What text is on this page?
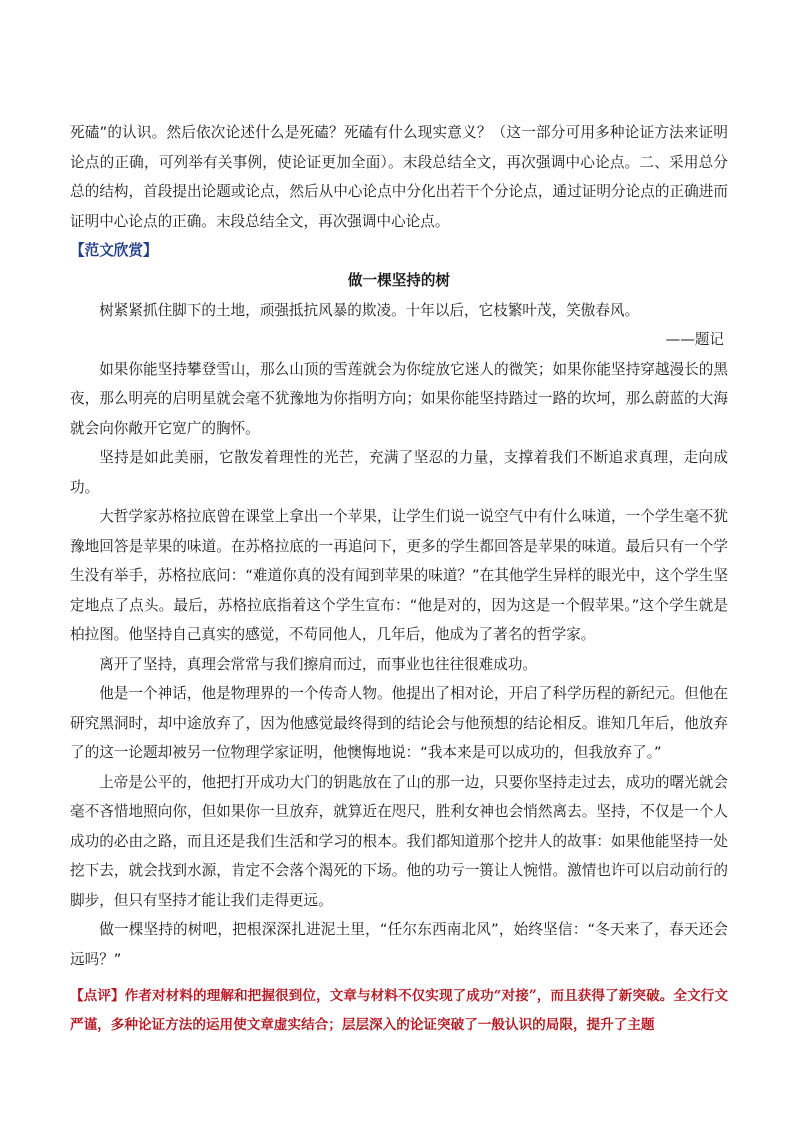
死磕”的认识。然后依次论述什么是死磕？死磕有什么现实意义？（这一部分可用多种论证方法来证明论点的正确，可列举有关事例，使论证更加全面）。末段总结全文，再次强调中心论点。二、采用总分总的结构，首段提出论题或论点，然后从中心论点中分化出若干个分论点，通过证明分论点的正确进而证明中心论点的正确。末段总结全文，再次强调中心论点。

【范文欣赏】

做一棵坚持的树

树紧紧抓住脚下的土地，顽强抵抗风暴的欺凌。十年以后，它枝繁叶茂，笑傲春风。

——题记

如果你能坚持攀登雪山，那么山顶的雪莲就会为你绽放它迷人的微笑；如果你能坚持穿越漫长的黑夜，那么明亮的启明星就会毫不犹豫地为你指明方向；如果你能坚持踏过一路的坎坷，那么蔚蓝的大海就会向你敞开它宽广的胸怀。

坚持是如此美丽，它散发着理性的光芒，充满了坚忍的力量，支撑着我们不断追求真理，走向成功。

大哲学家苏格拉底曾在课堂上拿出一个苹果，让学生们说一说空气中有什么味道，一个学生毫不犹豫地回答是苹果的味道。在苏格拉底的一再追问下，更多的学生都回答是苹果的味道。最后只有一个学生没有举手，苏格拉底问：“难道你真的没有闻到苹果的味道？”在其他学生异样的眼光中，这个学生坚定地点了点头。最后，苏格拉底指着这个学生宣布：“他是对的，因为这是一个假苹果。”这个学生就是柏拉图。他坚持自己真实的感觉，不苟同他人，几年后，他成为了著名的哲学家。

离开了坚持，真理会常常与我们擦肩而过，而事业也往往很难成功。

他是一个神话，他是物理界的一个传奇人物。他提出了相对论，开启了科学历程的新纪元。但他在研究黑洞时，却中途放弃了，因为他感觉最终得到的结论会与他预想的结论相反。谁知几年后，他放弃了的这一论题却被另一位物理学家证明，他懊悔地说：“我本来是可以成功的，但我放弃了。”

上帝是公平的，他把打开成功大门的钥匙放在了山的那一边，只要你坚持走过去，成功的曙光就会毫不吝惜地照向你，但如果你一旦放弃，就算近在咫尺，胜利女神也会悄然离去。坚持，不仅是一个人成功的必由之路，而且还是我们生活和学习的根本。我们都知道那个挖井人的故事：如果他能坚持一处挖下去，就会找到水源，肯定不会落个渴死的下场。他的功亏一篑让人惋惜。激情也许可以启动前行的脚步，但只有坚持才能让我们走得更远。

做一棵坚持的树吧，把根深深扎进泥土里，“任尔东西南北风”，始终坚信：“冬天来了，春天还会远吗？”

【点评】作者对材料的理解和把握很到位，文章与材料不仅实现了成功“对接”，而且获得了新突破。全文行文严谨，多种论证方法的运用使文章虚实结合；层层深入的论证突破了一般认识的局限，提升了主题
